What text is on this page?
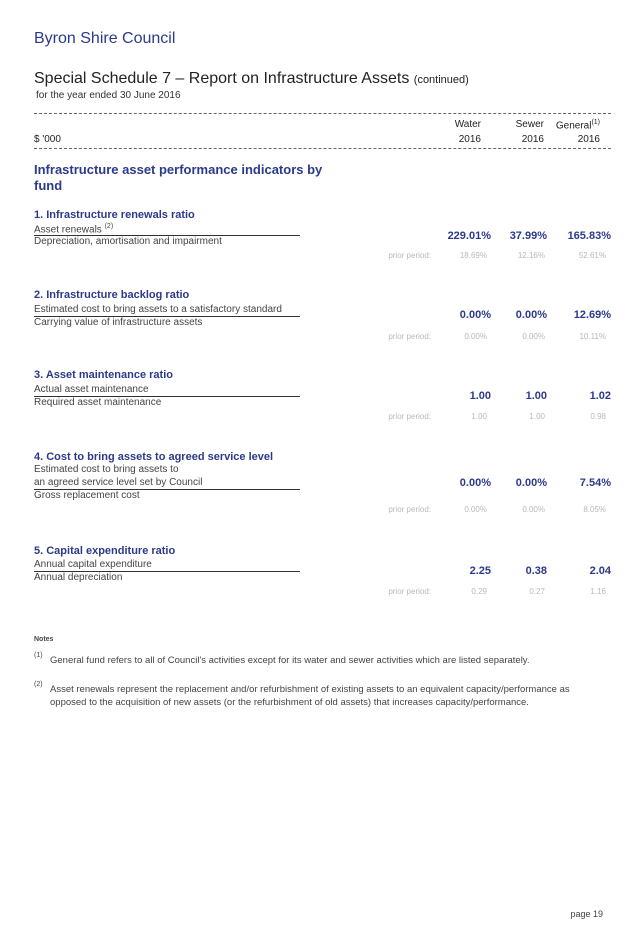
Byron Shire Council
Special Schedule 7 – Report on Infrastructure Assets (continued)
for the year ended 30 June 2016
Water	Sewer	General$^{(1)}$
$ '000	2016	2016	2016
Infrastructure asset performance indicators by fund
1. Infrastructure renewals ratio
Asset renewals $^{(2)}$
Depreciation, amortisation and impairment	229.01%	37.99%	165.83%
prior period:	18.69%	12.16%	52.61%
2. Infrastructure backlog ratio
Estimated cost to bring assets to a satisfactory standard
Carrying value of infrastructure assets
0.00%	0.00%	12.69%
prior period:	0.00%	0.00%	10.11%
3. Asset maintenance ratio
Actual asset maintenance
Required asset maintenance
1.00	1.00	1.02
prior period:	1.00	1.00	0.98
4. Cost to bring assets to agreed service level
Estimated cost to bring assets to
an agreed service level set by Council
Gross replacement cost
0.00%	0.00%	7.54%
prior period:	0.00%	0.00%	8.05%
5. Capital expenditure ratio
Annual capital expenditure
Annual depreciation
2.25	0.38	2.04
prior period:	0.29	0.27	1.16
Notes
(1) General fund refers to all of Council's activities except for its water and sewer activities which are listed separately.
(2) Asset renewals represent the replacement and/or refurbishment of existing assets to an equivalent capacity/performance as opposed to the acquisition of new assets (or the refurbishment of old assets) that increases capacity/performance.
page 19
